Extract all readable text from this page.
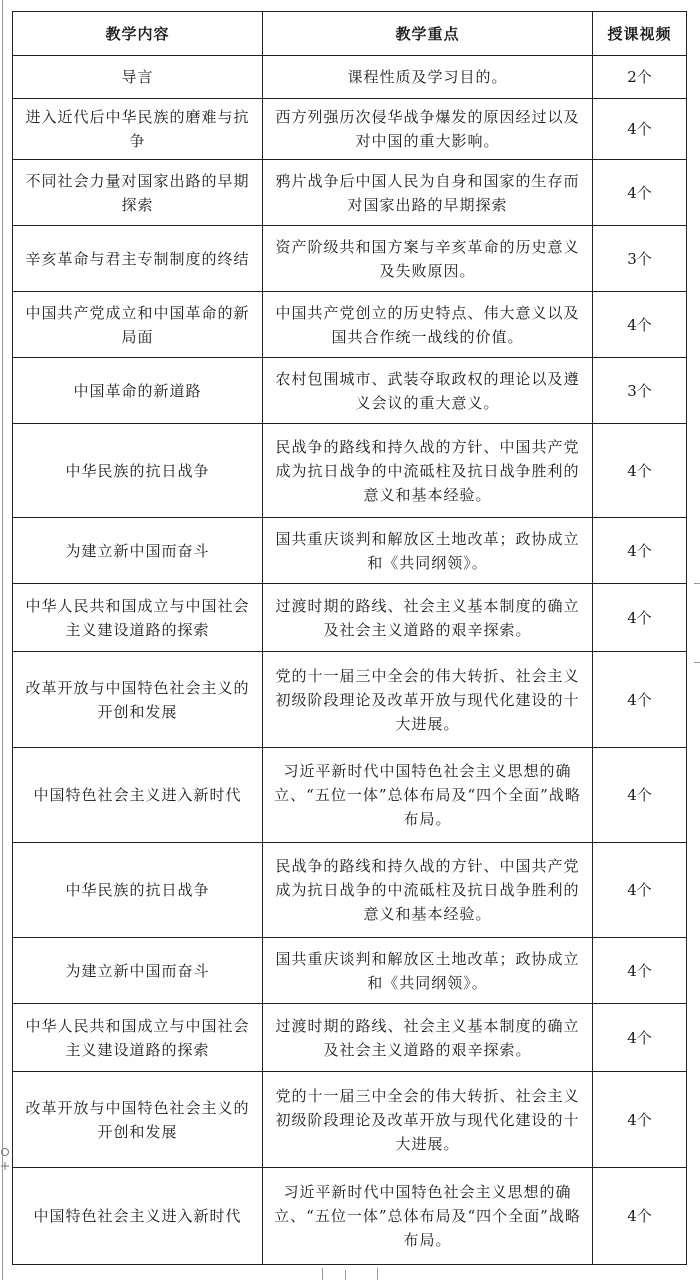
教学内容	教学重点	授课视频
导言	课程性质及学习目的。	2个
进入近代后中华民族的磨难与抗争	西方列强历次侵华战争爆发的原因经过以及对中国的重大影响。	4个
不同社会力量对国家出路的早期探索	鸦片战争后中国人民为自身和国家的生存而对国家出路的早期探索	4个
辛亥革命与君主专制制度的终结	资产阶级共和国方案与辛亥革命的历史意义及失败原因。	3个
中国共产党成立和中国革命的新局面	中国共产党创立的历史特点、伟大意义以及国共合作统一战线的价值。	4个
中国革命的新道路	农村包围城市、武装夺取政权的理论以及遵义会议的重大意义。	3个
中华民族的抗日战争	民战争的路线和持久战的方针、中国共产党成为抗日战争的中流砥柱及抗日战争胜利的意义和基本经验。	4个
为建立新中国而奋斗	国共重庆谈判和解放区土地改革；政协成立和《共同纲领》。	4个
中华人民共和国成立与中国社会主义建设道路的探索	过渡时期的路线、社会主义基本制度的确立及社会主义道路的艰辛探索。	4个
改革开放与中国特色社会主义的开创和发展	党的十一届三中全会的伟大转折、社会主义初级阶段理论及改革开放与现代化建设的十大进展。	4个
中国特色社会主义进入新时代	习近平新时代中国特色社会主义思想的确立、“五位一体”总体布局及“四个全面”战略布局。	4个
中华民族的抗日战争	民战争的路线和持久战的方针、中国共产党成为抗日战争的中流砥柱及抗日战争胜利的意义和基本经验。	4个
为建立新中国而奋斗	国共重庆谈判和解放区土地改革；政协成立和《共同纲领》。	4个
中华人民共和国成立与中国社会主义建设道路的探索	过渡时期的路线、社会主义基本制度的确立及社会主义道路的艰辛探索。	4个
改革开放与中国特色社会主义的开创和发展	党的十一届三中全会的伟大转折、社会主义初级阶段理论及改革开放与现代化建设的十大进展。	4个
中国特色社会主义进入新时代	习近平新时代中国特色社会主义思想的确立、“五位一体”总体布局及“四个全面”战略布局。	4个
